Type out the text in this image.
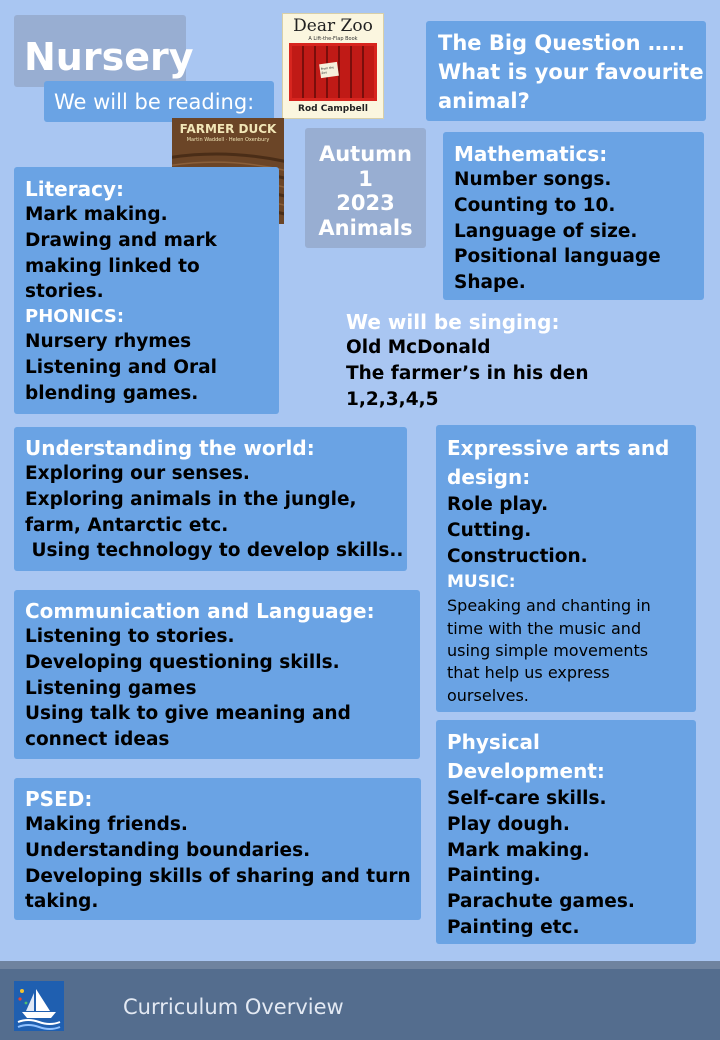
Nursery
We will be reading:
Dear Zoo
A Lift-the-Flap Book
From the Zoo
Rod Campbell
FARMER DUCK
Martin Waddell · Helen Oxenbury
The Big Question …..
What is your favourite
animal?
Autumn
1
2023
Animals
Mathematics:
Number songs.
Counting to 10.
Language of size.
Positional language
Shape.
Literacy:
Mark making.
Drawing and mark
making linked to
stories.
PHONICS:
Nursery rhymes
Listening and Oral
blending games.
We will be singing:
Old McDonald
The farmer’s in his den
1,2,3,4,5
Understanding the world:
Exploring our senses.
Exploring animals in the jungle,
farm, Antarctic etc.
Using technology to develop skills..
Expressive arts and
design:
Role play.
Cutting.
Construction.
MUSIC:
Speaking and chanting in
time with the music and
using simple movements
that help us express
ourselves.
Communication and Language:
Listening to stories.
Developing questioning skills.
Listening games
Using talk to give meaning and
connect ideas	Physical
Development:
Self-care skills.
Play dough.
Mark making.
Painting.
Parachute games.
Painting etc.
PSED:
Making friends.
Understanding boundaries.
Developing skills of sharing and turn
taking.
Curriculum Overview
